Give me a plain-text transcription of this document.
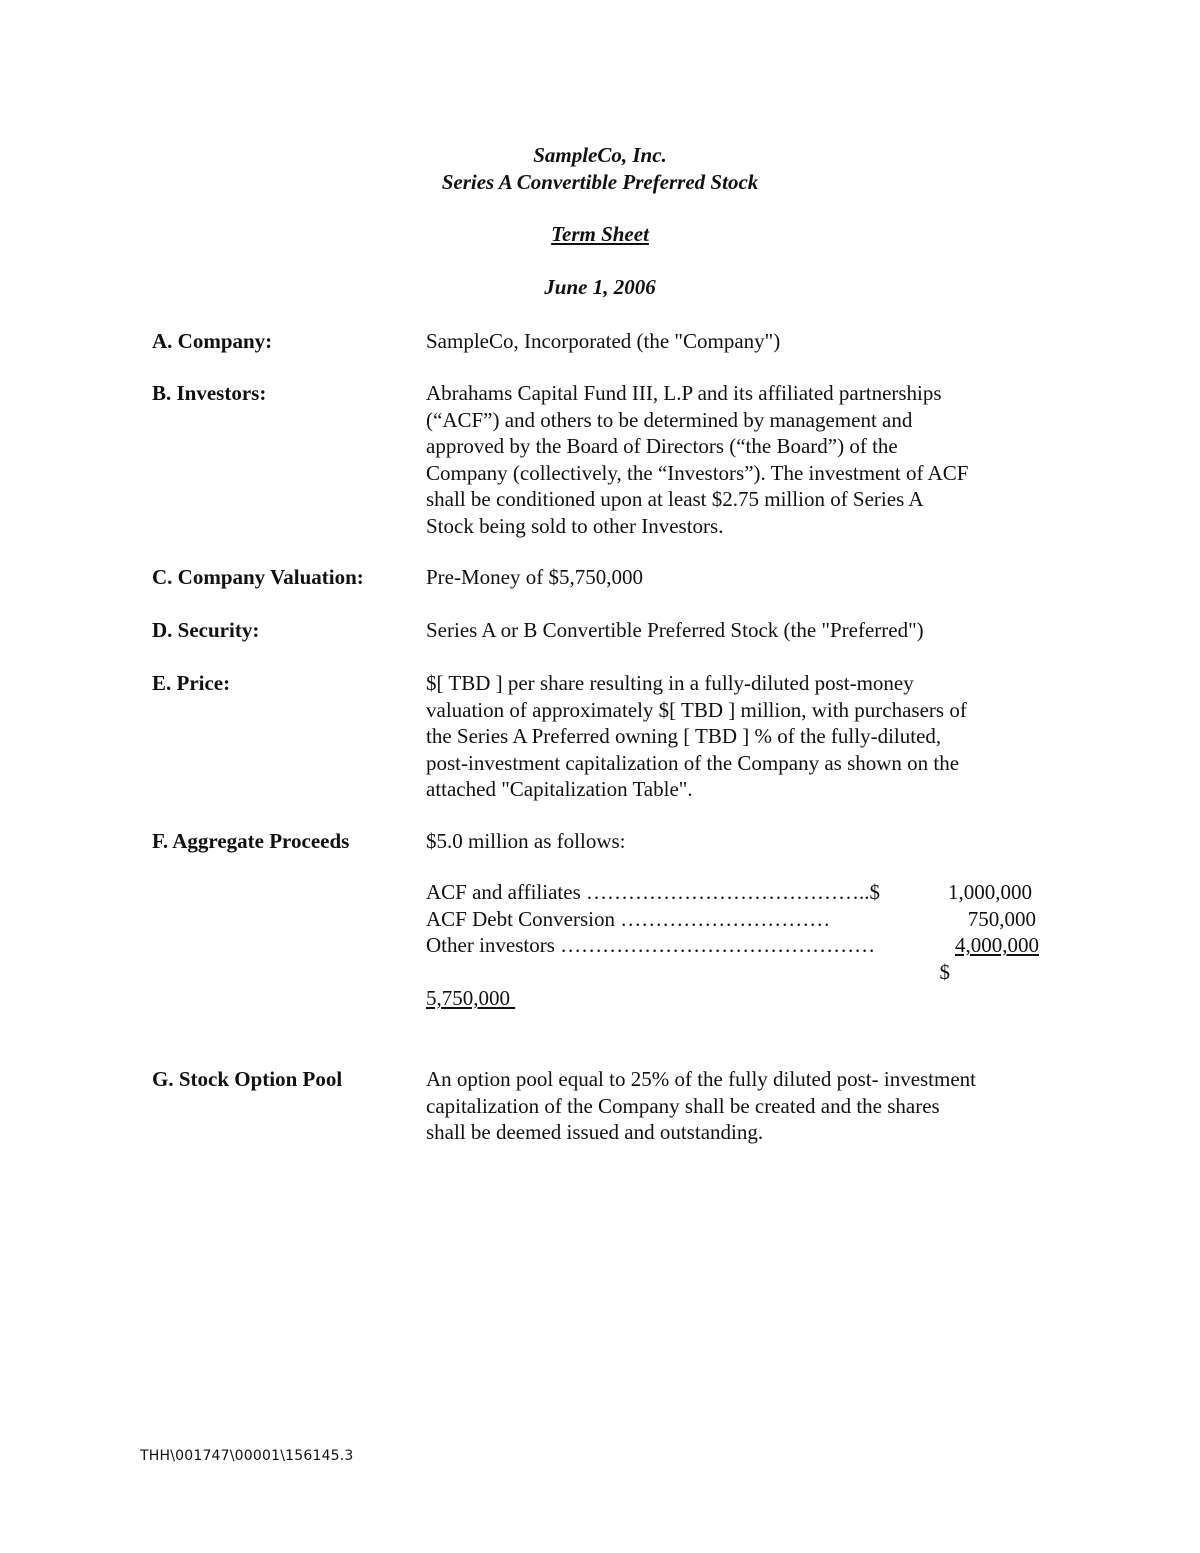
SampleCo, Inc.
Series A Convertible Preferred Stock
Term Sheet
June 1, 2006
A. Company:	SampleCo, Incorporated (the "Company")
B. Investors:	Abrahams Capital Fund III, L.P and its affiliated partnerships
(“ACF”) and others to be determined by management and
approved by the Board of Directors (“the Board”) of the
Company (collectively, the “Investors”). The investment of ACF
shall be conditioned upon at least $2.75 million of Series A
Stock being sold to other Investors.
C. Company Valuation:	Pre-Money of $5,750,000
D. Security:	Series A or B Convertible Preferred Stock (the "Preferred")
E. Price:	$[ TBD ] per share resulting in a fully-diluted post-money
valuation of approximately $[ TBD ] million, with purchasers of
the Series A Preferred owning [ TBD ] % of the fully-diluted,
post-investment capitalization of the Company as shown on the
attached "Capitalization Table".
F. Aggregate Proceeds	$5.0 million as follows:
ACF and affiliates …………………………………..$	1,000,000
ACF Debt Conversion …………………………	750,000
Other investors ………………………………………	4,000,000
$
5,750,000
G. Stock Option Pool	An option pool equal to 25% of the fully diluted post- investment
capitalization of the Company shall be created and the shares
shall be deemed issued and outstanding.
THH\001747\00001\156145.3
